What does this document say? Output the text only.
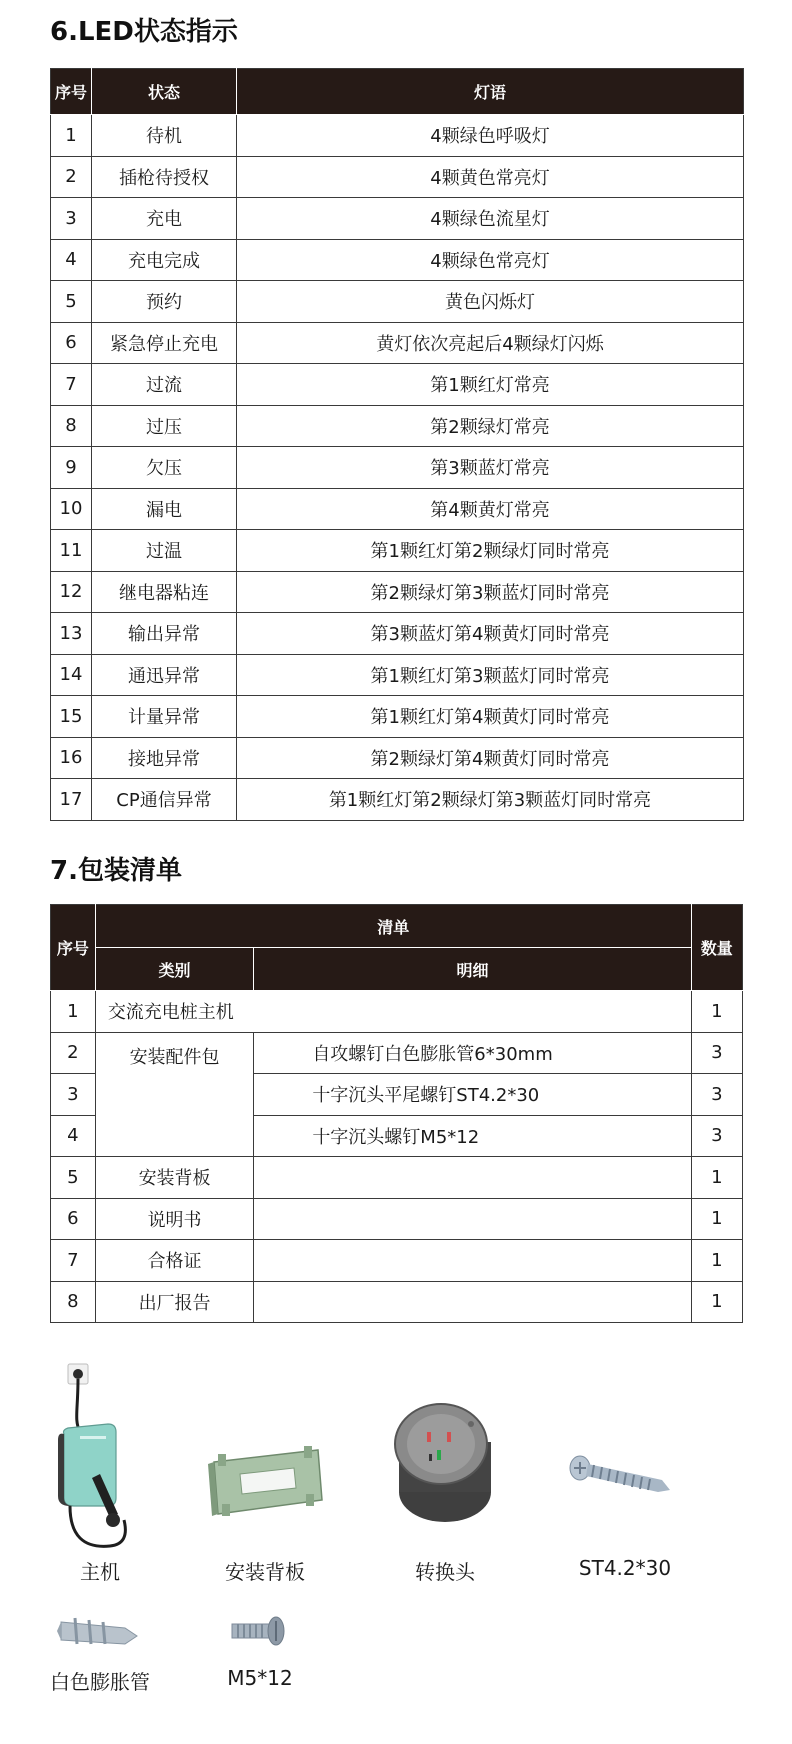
6.LED状态指示
序号	状态	灯语
1	待机	4颗绿色呼吸灯
2	插枪待授权	4颗黄色常亮灯
3	充电	4颗绿色流星灯
4	充电完成	4颗绿色常亮灯
5	预约	黄色闪烁灯
6	紧急停止充电	黄灯依次亮起后4颗绿灯闪烁
7	过流	第1颗红灯常亮
8	过压	第2颗绿灯常亮
9	欠压	第3颗蓝灯常亮
10	漏电	第4颗黄灯常亮
11	过温	第1颗红灯第2颗绿灯同时常亮
12	继电器粘连	第2颗绿灯第3颗蓝灯同时常亮
13	输出异常	第3颗蓝灯第4颗黄灯同时常亮
14	通迅异常	第1颗红灯第3颗蓝灯同时常亮
15	计量异常	第1颗红灯第4颗黄灯同时常亮
16	接地异常	第2颗绿灯第4颗黄灯同时常亮
17	CP通信异常	第1颗红灯第2颗绿灯第3颗蓝灯同时常亮
7.包装清单
序号	清单		数量
	类别	明细	
1	交流充电桩主机		1
2	安装配件包	自攻螺钉白色膨胀管6*30mm	3
3		十字沉头平尾螺钉ST4.2*30	3
4		十字沉头螺钉M5*12	3
5	安装背板		1
6	说明书		1
7	合格证		1
8	出厂报告		1
主机	安装背板	转换头	ST4.2*30
白色膨胀管	M5*12
